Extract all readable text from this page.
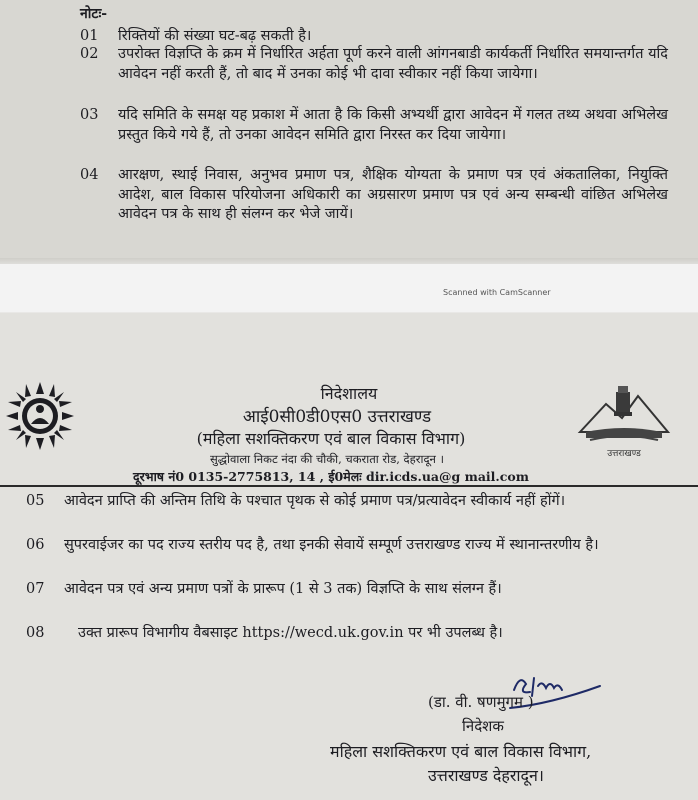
नोटः-
01	रिक्तियों की संख्या घट-बढ़ सकती है।
02	उपरोक्त विज्ञप्ति के क्रम में निर्धारित अर्हता पूर्ण करने वाली आंगनबाडी कार्यकर्ती निर्धारित समयान्तर्गत यदि आवेदन नहीं करती हैं, तो बाद में उनका कोई भी दावा स्वीकार नहीं किया जायेगा।
03	यदि समिति के समक्ष यह प्रकाश में आता है कि किसी अभ्यर्थी द्वारा आवेदन में गलत तथ्य अथवा अभिलेख प्रस्तुत किये गये हैं, तो उनका आवेदन समिति द्वारा निरस्त कर दिया जायेगा।
04	आरक्षण, स्थाई निवास, अनुभव प्रमाण पत्र, शैक्षिक योग्यता के प्रमाण पत्र एवं अंकतालिका, नियुक्ति आदेश, बाल विकास परियोजना अधिकारी का अग्रसारण प्रमाण पत्र एवं अन्य सम्बन्धी वांछित अभिलेख आवेदन पत्र के साथ ही संलग्न कर भेजे जायें।
Scanned with CamScanner
निदेशालय
आई0सी0डी0एस0 उत्तराखण्ड
(महिला सशक्तिकरण एवं बाल विकास विभाग)
सुद्धोवाला निकट नंदा की चौकी, चकराता रोड, देहरादून ।
दूरभाष नं0 0135-2775813, 14 , ई0मेलः dir.icds.ua@g mail.com
उत्तराखण्ड
05	आवेदन प्राप्ति की अन्तिम तिथि के पश्चात पृथक से कोई प्रमाण पत्र/प्रत्यावेदन स्वीकार्य नहीं होंगें।
06	सुपरवाईजर का पद राज्य स्तरीय पद है, तथा इनकी सेवायें सम्पूर्ण उत्तराखण्ड राज्य में स्थानान्तरणीय है।
07	आवेदन पत्र एवं अन्य प्रमाण पत्रों के प्रारूप (1 से 3 तक) विज्ञप्ति के साथ संलग्न हैं।
08	उक्त प्रारूप विभागीय वैबसाइट https://wecd.uk.gov.in पर भी उपलब्ध है।
(डा. वी. षणमुगम )
निदेशक
महिला सशक्तिकरण एवं बाल विकास विभाग,
उत्तराखण्ड देहरादून।
